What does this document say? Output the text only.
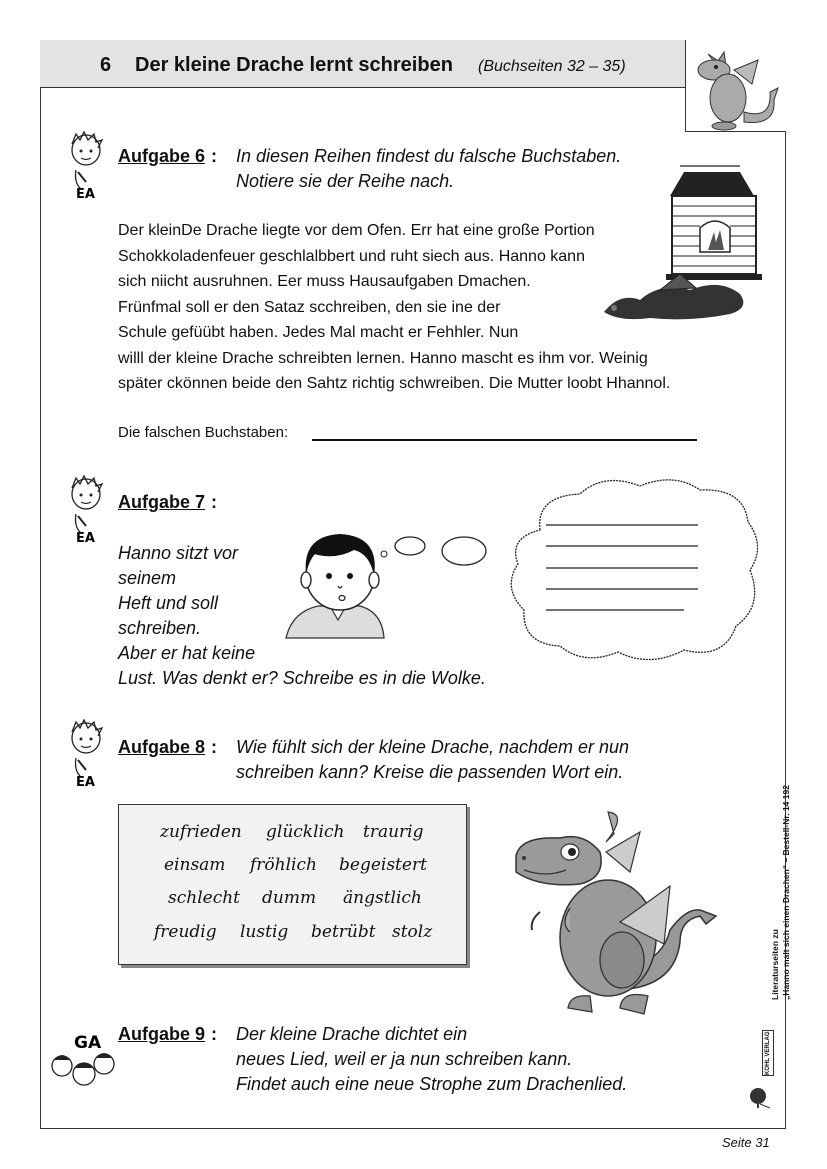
6 Der kleine Drache lernt schreiben (Buchseiten 32 – 35)
EA
Aufgabe 6 : In diesen Reihen findest du falsche Buchstaben.
Notiere sie der Reihe nach.
Der kleinDe Drache liegte vor dem Ofen. Err hat eine große Portion
Schokkoladenfeuer geschlalbbert und ruht siech aus. Hanno kann
sich niicht ausruhnen. Eer muss Hausaufgaben Dmachen.
Frünfmal soll er den Sataz scchreiben, den sie ine der
Schule gefüübt haben. Jedes Mal macht er Fehhler. Nun
willl der kleine Drache schreibten lernen. Hanno mascht es ihm vor. Weinig
später ckönnen beide den Sahtz richtig schwreiben. Die Mutter loobt Hhannol.
Die falschen Buchstaben:
EA
Aufgabe 7 :
Hanno sitzt vor
seinem
Heft und soll
schreiben.
Aber er hat keine
Lust. Was denkt er? Schreibe es in die Wolke.
EA
Aufgabe 8 : Wie fühlt sich der kleine Drache, nachdem er nun
schreiben kann? Kreise die passenden Wort ein.
zufrieden glücklich traurig
einsam fröhlich begeistert
schlecht dumm ängstlich
freudig lustig betrübt stolz
GA Aufgabe 9 : Der kleine Drache dichtet ein
neues Lied, weil er ja nun schreiben kann.
Findet auch eine neue Strophe zum Drachenlied.
Literaturseiten zu „Hanno malt sich einen Drachen“ – Bestell-Nr. 14 192
KOHL VERLAG
Seite 31
